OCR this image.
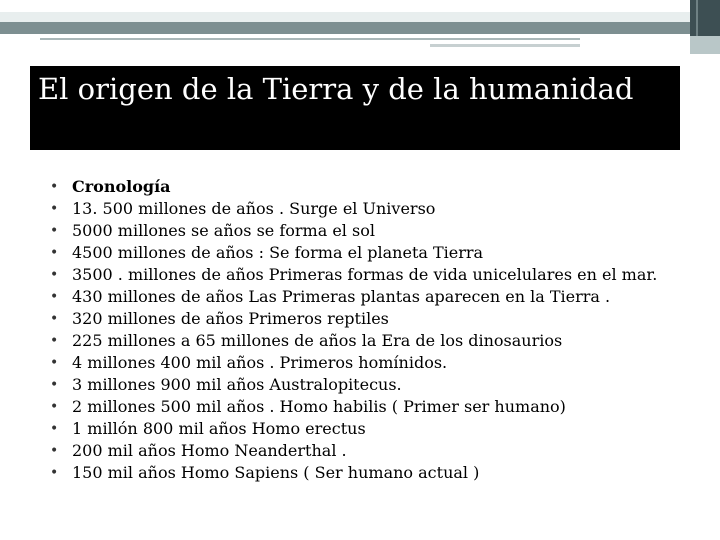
El origen de la Tierra y de la humanidad
• Cronología
• 13. 500 millones de años . Surge el Universo
• 5000 millones se años se forma el sol
• 4500 millones de años : Se forma el planeta Tierra
• 3500 . millones de años Primeras formas de vida unicelulares en el mar.
• 430 millones de años Las Primeras plantas aparecen en la Tierra .
• 320 millones de años Primeros reptiles
• 225 millones a 65 millones de años la Era de los dinosaurios
• 4 millones 400 mil años . Primeros homínidos.
• 3 millones 900 mil años Australopitecus.
• 2 millones 500 mil años . Homo habilis ( Primer ser humano)
• 1 millón 800 mil años Homo erectus
• 200 mil años Homo Neanderthal .
• 150 mil años Homo Sapiens ( Ser humano actual )
